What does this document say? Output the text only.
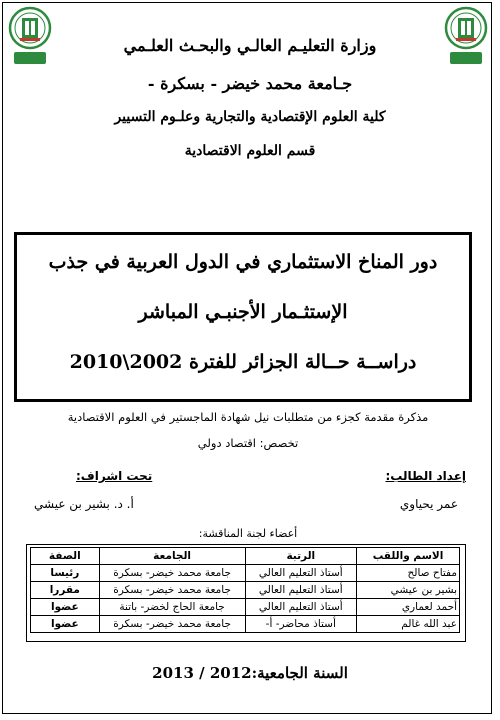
وزارة التعليـم العالـي والبحـث العلـمي
جـامعة محمد خيضر - بسكرة -
كلية العلوم الإقتصادية والتجارية وعلـوم التسيير
قسم العلوم الاقتصادية
دور المناخ الاستثماري في الدول العربية في جذب
الإستثـمار الأجنبـي المباشر
دراســة حــالة الجزائر للفترة 2002\2010
مذكرة مقدمة كجزء من متطلبات نيل شهادة الماجستير في العلوم الاقتصادية
تخصص: اقتصاد دولي
إعداد الطالب:
تحت اشراف:
عمر يحياوي
أ. د. بشير بن عيشي
أعضاء لجنة المناقشة:
الاسم واللقب	الرتبة	الجامعة	الصفة
مفتاح صالح	أستاذ التعليم العالي	جامعة محمد خيضر- بسكرة	رئيسا
بشير بن عيشي	أستاذ التعليم العالي	جامعة محمد خيضر- بسكرة	مقررا
أحمد لعماري	أستاذ التعليم العالي	جامعة الحاج لخضر- باتنة	عضوا
عبد الله غالم	أستاذ محاضر- أ-	جامعة محمد خيضر- بسكرة	عضوا
السنة الجامعية:2012 / 2013
